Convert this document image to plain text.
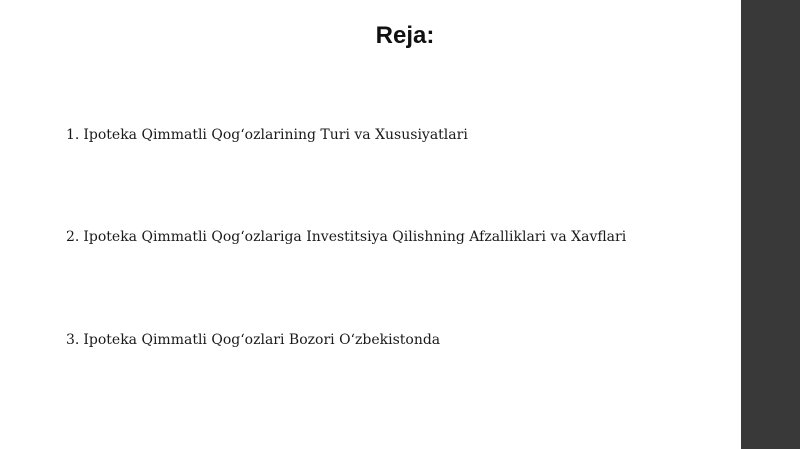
Reja:
1. Ipoteka Qimmatli Qog‘ozlarining Turi va Xususiyatlari
2. Ipoteka Qimmatli Qog‘ozlariga Investitsiya Qilishning Afzalliklari va Xavflari
3. Ipoteka Qimmatli Qog‘ozlari Bozori O‘zbekistonda
